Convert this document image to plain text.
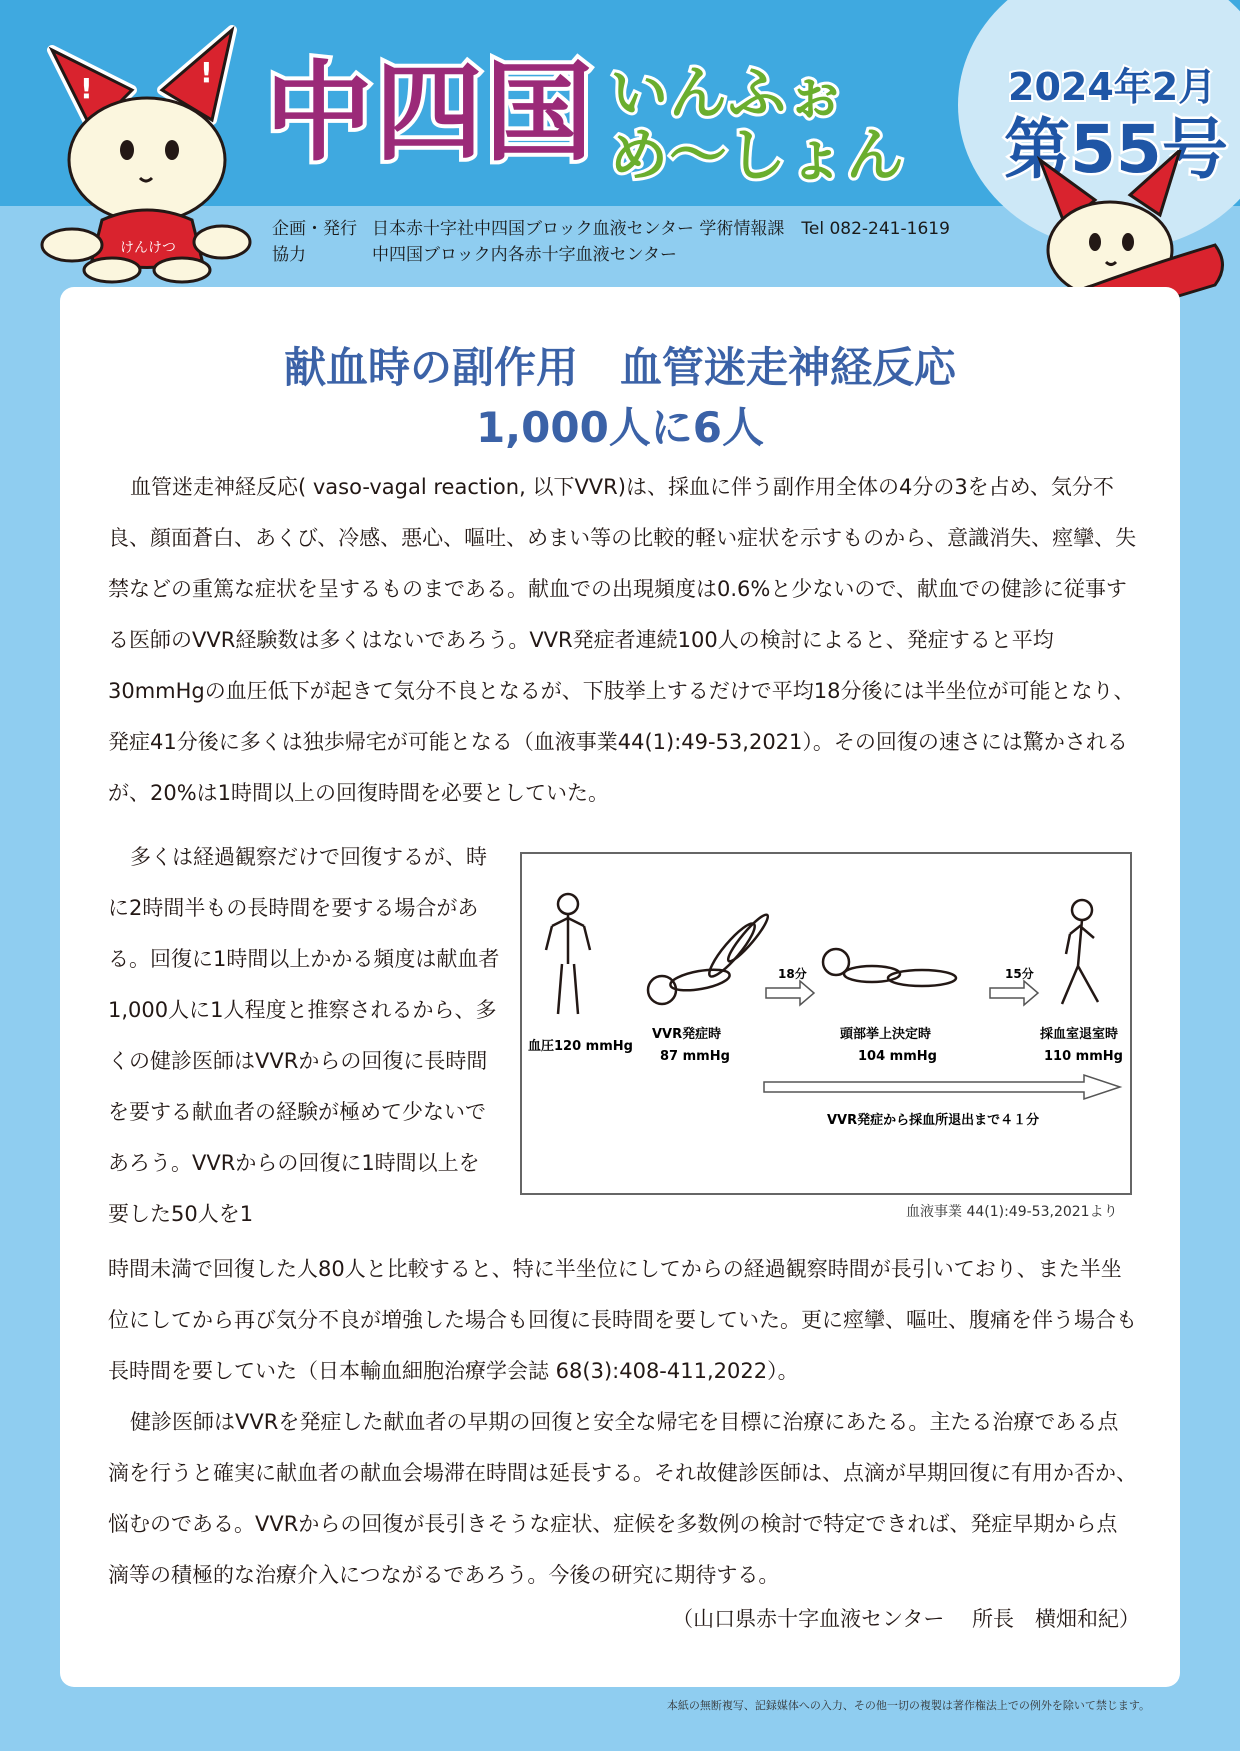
2024年2月
第55号
中四国 いんふぉ
め〜しょん
!	!
けんけつ
企画・発行 日本赤十字社中四国ブロック血液センター 学術情報課　Tel 082-241-1619
協力	中四国ブロック内各赤十字血液センター
献血時の副作用　血管迷走神経反応
1,000人に6人

血管迷走神経反応( vaso-vagal reaction, 以下VVR)は、採血に伴う副作用全体の4分の3を占め、気分不良、顔面蒼白、あくび、冷感、悪心、嘔吐、めまい等の比較的軽い症状を示すものから、意識消失、痙攣、失禁などの重篤な症状を呈するものまである。献血での出現頻度は0.6%と少ないので、献血での健診に従事する医師のVVR経験数は多くはないであろう。VVR発症者連続100人の検討によると、発症すると平均30mmHgの血圧低下が起きて気分不良となるが、下肢挙上するだけで平均18分後には半坐位が可能となり、発症41分後に多くは独歩帰宅が可能となる（血液事業44(1):49-53,2021）。その回復の速さには驚かされるが、20%は1時間以上の回復時間を必要としていた。

多くは経過観察だけで回復するが、時に2時間半もの長時間を要する場合がある。回復に1時間以上かかる頻度は献血者1,000人に1人程度と推察されるから、多くの健診医師はVVRからの回復に長時間を要する献血者の経験が極めて少ないであろう。VVRからの回復に1時間以上を要した50人を1

時間未満で回復した人80人と比較すると、特に半坐位にしてからの経過観察時間が長引いており、また半坐位にしてから再び気分不良が増強した場合も回復に長時間を要していた。更に痙攣、嘔吐、腹痛を伴う場合も長時間を要していた（日本輸血細胞治療学会誌 68(3):408-411,2022）。

健診医師はVVRを発症した献血者の早期の回復と安全な帰宅を目標に治療にあたる。主たる治療である点滴を行うと確実に献血者の献血会場滞在時間は延長する。それ故健診医師は、点滴が早期回復に有用か否か、悩むのである。VVRからの回復が長引きそうな症状、症候を多数例の検討で特定できれば、発症早期から点滴等の積極的な治療介入につながるであろう。今後の研究に期待する。

（山口県赤十字血液センター　 所長　横畑和紀）
18分	15分
血圧120 mmHg
VVR発症時
87 mmHg
頭部挙上決定時
104 mmHg
採血室退室時
110 mmHg
VVR発症から採血所退出まで４１分
血液事業 44(1):49-53,2021より
本紙の無断複写、記録媒体への入力、その他一切の複製は著作権法上での例外を除いて禁じます。
